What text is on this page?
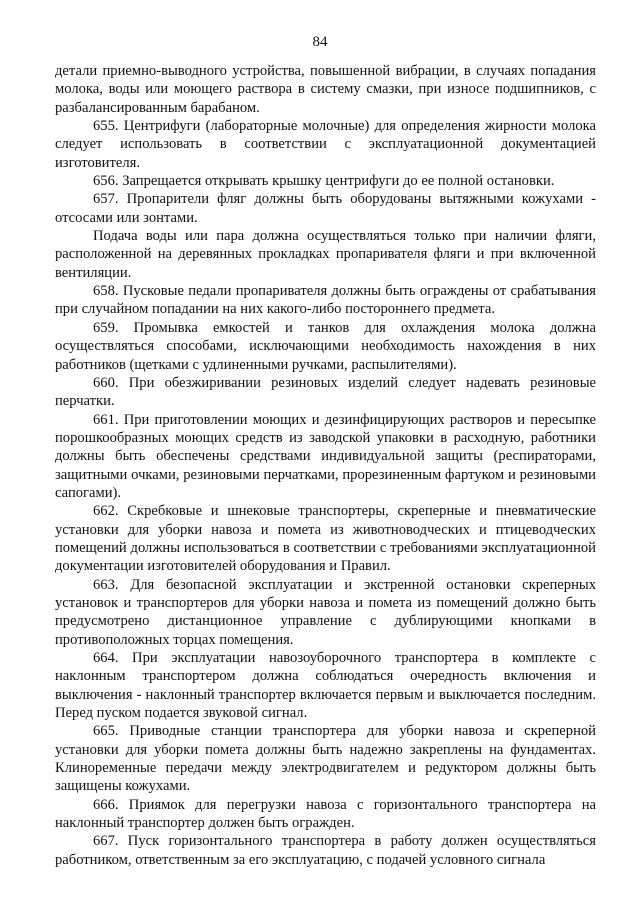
84

детали приемно-выводного устройства, повышенной вибрации, в случаях попадания молока, воды или моющего раствора в систему смазки, при износе подшипников, с разбалансированным барабаном.

655. Центрифуги (лабораторные молочные) для определения жирности молока следует использовать в соответствии с эксплуатационной документацией изготовителя.

656. Запрещается открывать крышку центрифуги до ее полной остановки.

657. Пропарители фляг должны быть оборудованы вытяжными кожухами - отсосами или зонтами.

Подача воды или пара должна осуществляться только при наличии фляги, расположенной на деревянных прокладках пропаривателя фляги и при включенной вентиляции.

658. Пусковые педали пропаривателя должны быть ограждены от срабатывания при случайном попадании на них какого-либо постороннего предмета.

659. Промывка емкостей и танков для охлаждения молока должна осуществляться способами, исключающими необходимость нахождения в них работников (щетками с удлиненными ручками, распылителями).

660. При обезжиривании резиновых изделий следует надевать резиновые перчатки.

661. При приготовлении моющих и дезинфицирующих растворов и пересыпке порошкообразных моющих средств из заводской упаковки в расходную, работники должны быть обеспечены средствами индивидуальной защиты (респираторами, защитными очками, резиновыми перчатками, прорезиненным фартуком и резиновыми сапогами).

662. Скребковые и шнековые транспортеры, скреперные и пневматические установки для уборки навоза и помета из животноводческих и птицеводческих помещений должны использоваться в соответствии с требованиями эксплуатационной документации изготовителей оборудования и Правил.

663. Для безопасной эксплуатации и экстренной остановки скреперных установок и транспортеров для уборки навоза и помета из помещений должно быть предусмотрено дистанционное управление с дублирующими кнопками в противоположных торцах помещения.

664. При эксплуатации навозоуборочного транспортера в комплекте с наклонным транспортером должна соблюдаться очередность включения и выключения - наклонный транспортер включается первым и выключается последним. Перед пуском подается звуковой сигнал.

665. Приводные станции транспортера для уборки навоза и скреперной установки для уборки помета должны быть надежно закреплены на фундаментах. Клиноременные передачи между электродвигателем и редуктором должны быть защищены кожухами.

666. Приямок для перегрузки навоза с горизонтального транспортера на наклонный транспортер должен быть огражден.

667. Пуск горизонтального транспортера в работу должен осуществляться работником, ответственным за его эксплуатацию, с подачей условного сигнала
